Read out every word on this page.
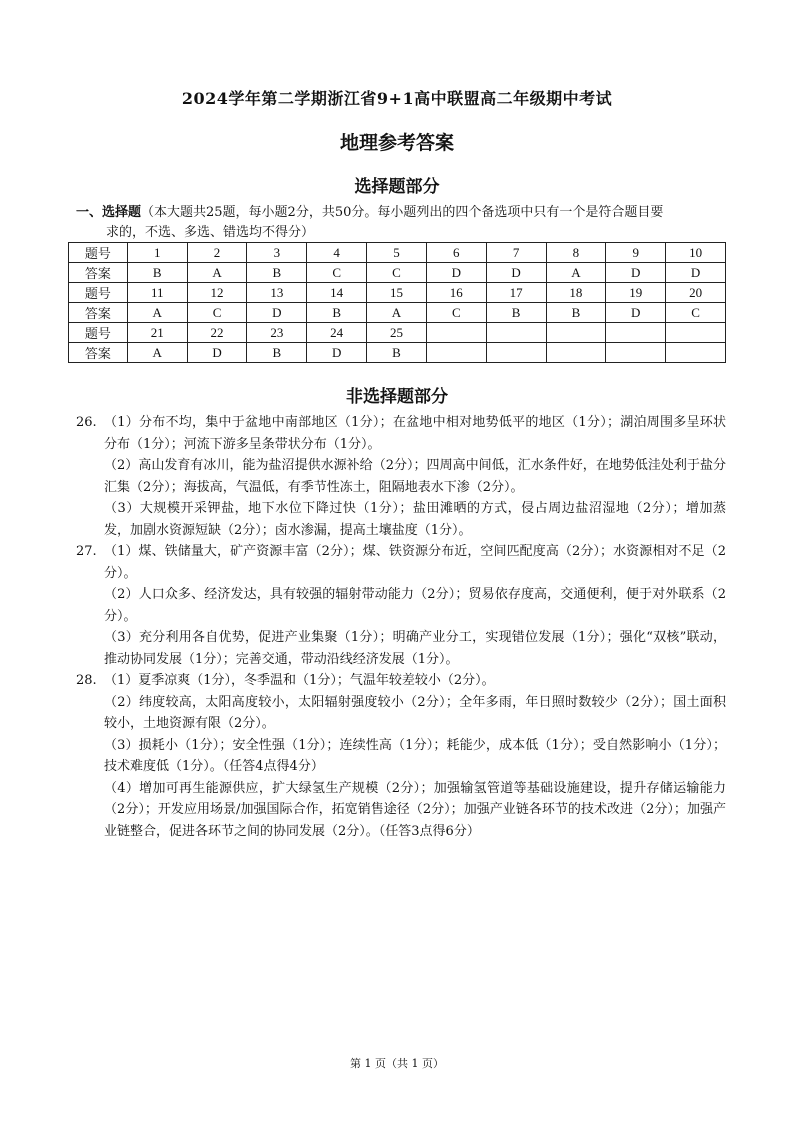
2024学年第二学期浙江省9+1高中联盟高二年级期中考试
地理参考答案
选择题部分
一、选择题（本大题共25题，每小题2分，共50分。每小题列出的四个备选项中只有一个是符合题目要
求的，不选、多选、错选均不得分）
题号	1	2	3	4	5	6	7	8	9	10
答案	B	A	B	C	C	D	D	A	D	D
题号	11	12	13	14	15	16	17	18	19	20
答案	A	C	D	B	A	C	B	B	D	C
题号	21	22	23	24	25					
答案	A	D	B	D	B					
非选择题部分
26. （1）分布不均，集中于盆地中南部地区（1分）；在盆地中相对地势低平的地区（1分）；湖泊周围多呈环状分布（1分）；河流下游多呈条带状分布（1分）。

（2）高山发育有冰川，能为盐沼提供水源补给（2分）；四周高中间低，汇水条件好，在地势低洼处利于盐分汇集（2分）；海拔高，气温低，有季节性冻土，阻隔地表水下渗（2分）。

（3）大规模开采钾盐，地下水位下降过快（1分）；盐田滩晒的方式，侵占周边盐沼湿地（2分）；增加蒸发，加剧水资源短缺（2分）；卤水渗漏，提高土壤盐度（1分）。

27. （1）煤、铁储量大，矿产资源丰富（2分）；煤、铁资源分布近，空间匹配度高（2分）；水资源相对不足（2分）。

（2）人口众多、经济发达，具有较强的辐射带动能力（2分）；贸易依存度高，交通便利，便于对外联系（2分）。

（3）充分利用各自优势，促进产业集聚（1分）；明确产业分工，实现错位发展（1分）；强化“双核”联动，推动协同发展（1分）；完善交通，带动沿线经济发展（1分）。

28. （1）夏季凉爽（1分），冬季温和（1分）；气温年较差较小（2分）。

（2）纬度较高，太阳高度较小，太阳辐射强度较小（2分）；全年多雨，年日照时数较少（2分）；国土面积较小，土地资源有限（2分）。

（3）损耗小（1分）；安全性强（1分）；连续性高（1分）；耗能少，成本低（1分）；受自然影响小（1分）；技术难度低（1分）。（任答4点得4分）

（4）增加可再生能源供应，扩大绿氢生产规模（2分）；加强输氢管道等基础设施建设，提升存储运输能力（2分）；开发应用场景/加强国际合作，拓宽销售途径（2分）；加强产业链各环节的技术改进（2分）；加强产业链整合，促进各环节之间的协同发展（2分）。（任答3点得6分）

第 1 页（共 1 页）
